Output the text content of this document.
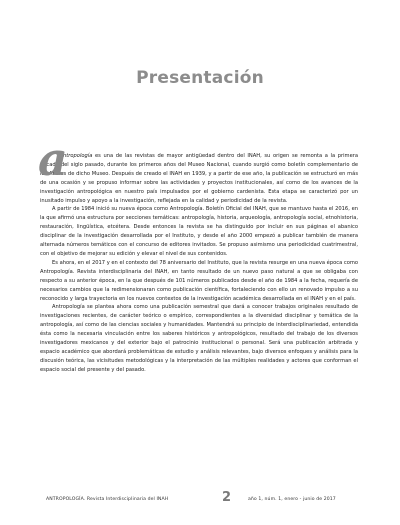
Presentación
a

ntropología es una de las revistas de mayor antigüedad dentro del INAH, su origen se remonta a la primera década del siglo pasado, durante los primeros años del Museo Nacional, cuando surgió como boletín complementario de los Anales de dicho Museo. Después de creado el INAH en 1939, y a partir de ese año, la publicación se estructuró en más de una ocasión y se propuso informar sobre las actividades y proyectos institucionales, así como de los avances de la investigación antropológica en nuestro país impulsados por el gobierno cardenista. Esta etapa se caracterizó por un inusitado impulso y apoyo a la investigación, reflejada en la calidad y periodicidad de la revista.

A partir de 1984 inició su nueva época como Antropología. Boletín Oficial del INAH, que se mantuvo hasta el 2016, en la que afirmó una estructura por secciones temáticas: antropología, historia, arqueología, antropología social, etnohistoria, restauración, lingüística, etcétera. Desde entonces la revista se ha distinguido por incluir en sus páginas el abanico disciplinar de la investigación desarrollada por el Instituto, y desde el año 2000 empezó a publicar también de manera alternada números temáticos con el concurso de editores invitados. Se propuso asimismo una periodicidad cuatrimestral, con el objetivo de mejorar su edición y elevar el nivel de sus contenidos.

Es ahora, en el 2017 y en el contexto del 78 aniversario del Instituto, que la revista resurge en una nueva época como Antropología. Revista interdisciplinaria del INAH, en tanto resultado de un nuevo paso natural a que se obligaba con respecto a su anterior época, en la que después de 101 números publicados desde el año de 1984 a la fecha, requería de necesarios cambios que la redimensionaran como publicación científica, fortaleciendo con ello un renovado impulso a su reconocido y larga trayectoria en los nuevos contextos de la investigación académica desarrollada en el INAH y en el país.

Antropología se plantea ahora como una publicación semestral que dará a conocer trabajos originales resultado de investigaciones recientes, de carácter teórico o empírico, correspondientes a la diversidad disciplinar y temática de la antropología, así como de las ciencias sociales y humanidades. Mantendrá su principio de interdisciplinariedad, entendida ésta como la necesaria vinculación entre los saberes históricos y antropológicos, resultado del trabajo de los diversos investigadores mexicanos y del exterior bajo el patrocinio institucional o personal. Será una publicación arbitrada y espacio académico que abordará problemáticas de estudio y análisis relevantes, bajo diversos enfoques y análisis para la discusión teórica, las vicisitudes metodológicas y la interpretación de las múltiples realidades y actores que conforman el espacio social del presente y del pasado.

ANTROPOLOGÍA. Revista Interdisciplinaria del INAH	2	año 1, núm. 1, enero - junio de 2017
